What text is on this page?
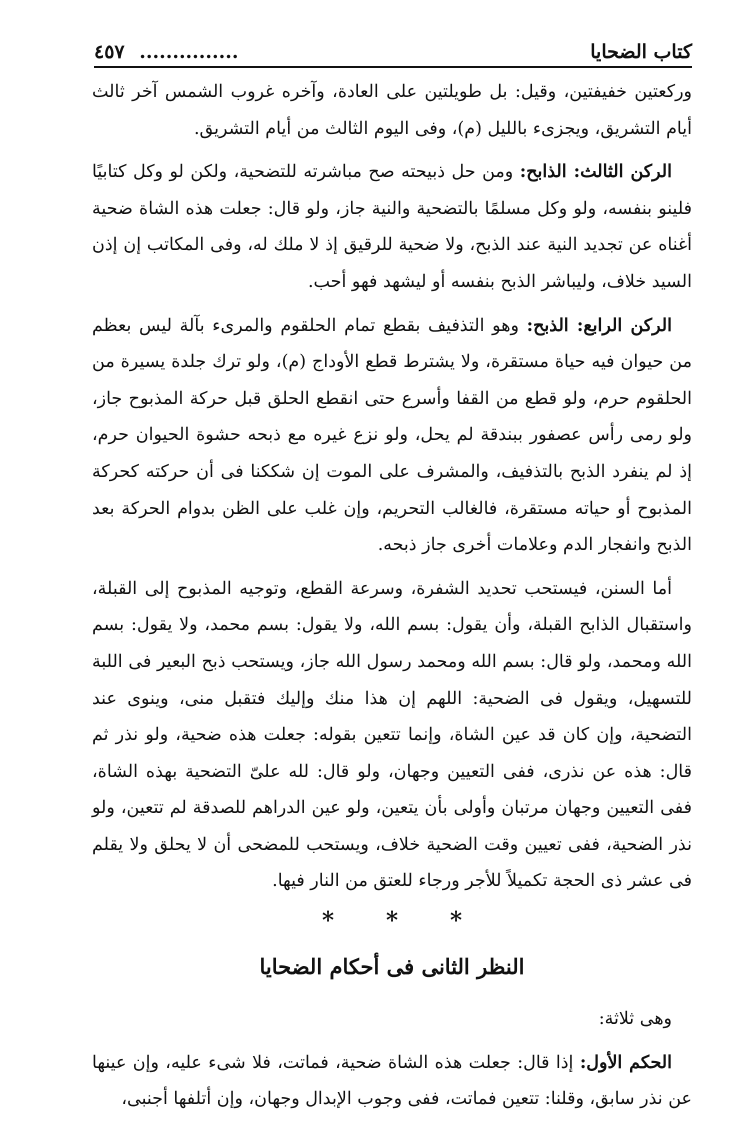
كتاب الضحايا
............... ٤٥٧

وركعتين خفيفتين، وقيل: بل طويلتين على العادة، وآخره غروب الشمس آخر ثالث أيام التشريق، ويجزىء بالليل (م)، وفى اليوم الثالث من أيام التشريق.

الركن الثالث: الذابح: ومن حل ذبيحته صح مباشرته للتضحية، ولكن لو وكل كتابيًا فلينو بنفسه، ولو وكل مسلمًا بالتضحية والنية جاز، ولو قال: جعلت هذه الشاة ضحية أغناه عن تجديد النية عند الذبح، ولا ضحية للرقيق إذ لا ملك له، وفى المكاتب إن إذن السيد خلاف، وليباشر الذبح بنفسه أو ليشهد فهو أحب.

الركن الرابع: الذبح: وهو التذفيف بقطع تمام الحلقوم والمرىء بآلة ليس بعظم من حيوان فيه حياة مستقرة، ولا يشترط قطع الأوداج (م)، ولو ترك جلدة يسيرة من الحلقوم حرم، ولو قطع من القفا وأسرع حتى انقطع الحلق قبل حركة المذبوح جاز، ولو رمى رأس عصفور ببندقة لم يحل، ولو نزع غيره مع ذبحه حشوة الحيوان حرم، إذ لم ينفرد الذبح بالتذفيف، والمشرف على الموت إن شككنا فى أن حركته كحركة المذبوح أو حياته مستقرة، فالغالب التحريم، وإن غلب على الظن بدوام الحركة بعد الذبح وانفجار الدم وعلامات أخرى جاز ذبحه.

أما السنن، فيستحب تحديد الشفرة، وسرعة القطع، وتوجيه المذبوح إلى القبلة، واستقبال الذابح القبلة، وأن يقول: بسم الله، ولا يقول: بسم محمد، ولا يقول: بسم الله ومحمد، ولو قال: بسم الله ومحمد رسول الله جاز، ويستحب ذبح البعير فى اللبة للتسهيل، ويقول فى الضحية: اللهم إن هذا منك وإليك فتقبل منى، وينوى عند التضحية، وإن كان قد عين الشاة، وإنما تتعين بقوله: جعلت هذه ضحية، ولو نذر ثم قال: هذه عن نذرى، ففى التعيين وجهان، ولو قال: لله علىّ التضحية بهذه الشاة، ففى التعيين وجهان مرتبان وأولى بأن يتعين، ولو عين الدراهم للصدقة لم تتعين، ولو نذر الضحية، ففى تعيين وقت الضحية خلاف، ويستحب للمضحى أن لا يحلق ولا يقلم فى عشر ذى الحجة تكميلاً للأجر ورجاء للعتق من النار فيها.

* * *
النظر الثانى فى أحكام الضحايا
وهى ثلاثة:

الحكم الأول: إذا قال: جعلت هذه الشاة ضحية، فماتت، فلا شىء عليه، وإن عينها عن نذر سابق، وقلنا: تتعين فماتت، ففى وجوب الإبدال وجهان، وإن أتلفها أجنبى،
